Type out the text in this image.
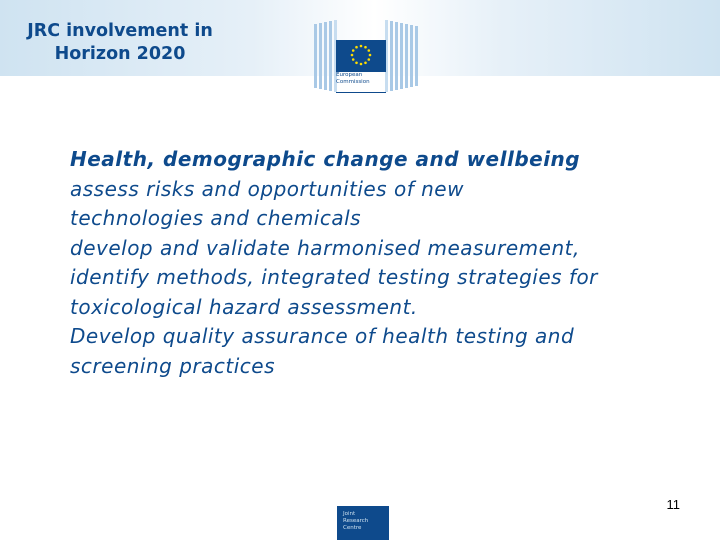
JRC involvement in
Horizon 2020
European
Commission

Health, demographic change and wellbeing

assess risks and opportunities of new

technologies and chemicals

develop and validate harmonised measurement,

identify methods, integrated testing strategies for

toxicological hazard assessment.

Develop quality assurance of health testing and

screening practices

11
Joint
Research
Centre
